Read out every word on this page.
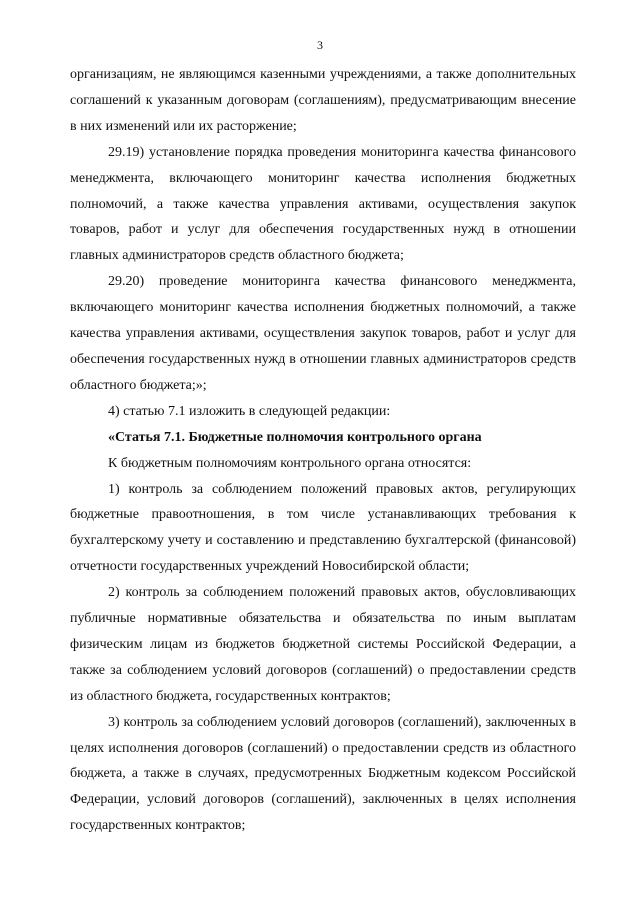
3

организациям, не являющимся казенными учреждениями, а также дополнительных соглашений к указанным договорам (соглашениям), предусматривающим внесение в них изменений или их расторжение;

29.19) установление порядка проведения мониторинга качества финансового менеджмента, включающего мониторинг качества исполнения бюджетных полномочий, а также качества управления активами, осуществления закупок товаров, работ и услуг для обеспечения государственных нужд в отношении главных администраторов средств областного бюджета;

29.20) проведение мониторинга качества финансового менеджмента, включающего мониторинг качества исполнения бюджетных полномочий, а также качества управления активами, осуществления закупок товаров, работ и услуг для обеспечения государственных нужд в отношении главных администраторов средств областного бюджета;»;

4) статью 7.1 изложить в следующей редакции:

«Статья 7.1. Бюджетные полномочия контрольного органа

К бюджетным полномочиям контрольного органа относятся:

1) контроль за соблюдением положений правовых актов, регулирующих бюджетные правоотношения, в том числе устанавливающих требования к бухгалтерскому учету и составлению и представлению бухгалтерской (финансовой) отчетности государственных учреждений Новосибирской области;

2) контроль за соблюдением положений правовых актов, обусловливающих публичные нормативные обязательства и обязательства по иным выплатам физическим лицам из бюджетов бюджетной системы Российской Федерации, а также за соблюдением условий договоров (соглашений) о предоставлении средств из областного бюджета, государственных контрактов;

3) контроль за соблюдением условий договоров (соглашений), заключенных в целях исполнения договоров (соглашений) о предоставлении средств из областного бюджета, а также в случаях, предусмотренных Бюджетным кодексом Российской Федерации, условий договоров (соглашений), заключенных в целях исполнения государственных контрактов;
